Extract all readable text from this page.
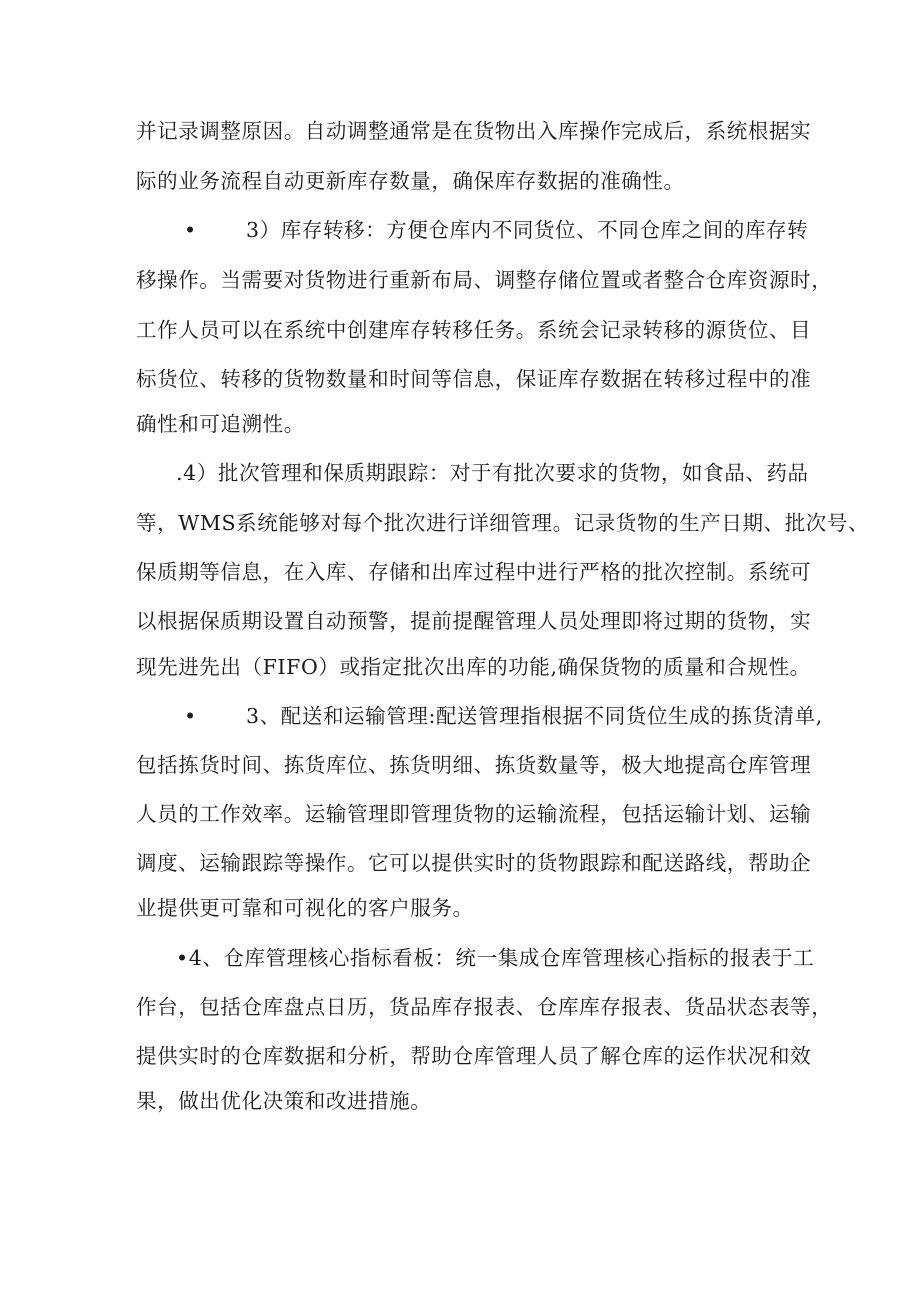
并记录调整原因。自动调整通常是在货物出入库操作完成后，系统根据实
际的业务流程自动更新库存数量，确保库存数据的准确性。
• 3）库存转移：方便仓库内不同货位、不同仓库之间的库存转
移操作。当需要对货物进行重新布局、调整存储位置或者整合仓库资源时，
工作人员可以在系统中创建库存转移任务。系统会记录转移的源货位、目
标货位、转移的货物数量和时间等信息，保证库存数据在转移过程中的准
确性和可追溯性。
.4）批次管理和保质期跟踪：对于有批次要求的货物，如食品、药品
等，WMS系统能够对每个批次进行详细管理。记录货物的生产日期、批次号、
保质期等信息，在入库、存储和出库过程中进行严格的批次控制。系统可
以根据保质期设置自动预警，提前提醒管理人员处理即将过期的货物，实
现先进先出（FIFO）或指定批次出库的功能,确保货物的质量和合规性。
• 3、配送和运输管理:配送管理指根据不同货位生成的拣货清单,
包括拣货时间、拣货库位、拣货明细、拣货数量等，极大地提高仓库管理
人员的工作效率。运输管理即管理货物的运输流程，包括运输计划、运输
调度、运输跟踪等操作。它可以提供实时的货物跟踪和配送路线，帮助企
业提供更可靠和可视化的客户服务。
•4、仓库管理核心指标看板：统一集成仓库管理核心指标的报表于工
作台，包括仓库盘点日历，货品库存报表、仓库库存报表、货品状态表等，
提供实时的仓库数据和分析，帮助仓库管理人员了解仓库的运作状况和效
果，做出优化决策和改进措施。
